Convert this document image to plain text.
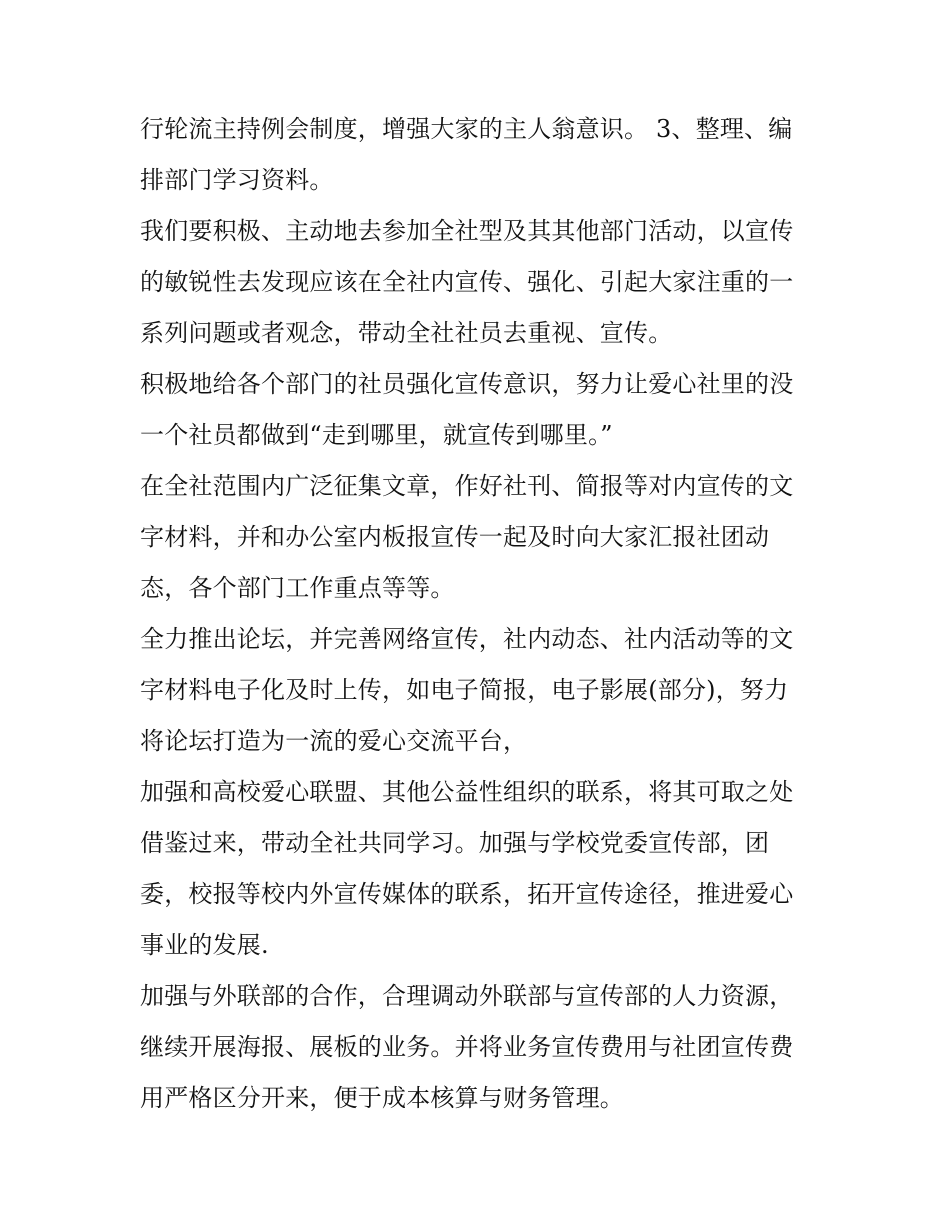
行轮流主持例会制度，增强大家的主人翁意识。 3、整理、编排部门学习资料。

我们要积极、主动地去参加全社型及其其他部门活动，以宣传的敏锐性去发现应该在全社内宣传、强化、引起大家注重的一系列问题或者观念，带动全社社员去重视、宣传。

积极地给各个部门的社员强化宣传意识，努力让爱心社里的没一个社员都做到“走到哪里，就宣传到哪里。”

在全社范围内广泛征集文章，作好社刊、简报等对内宣传的文字材料，并和办公室内板报宣传一起及时向大家汇报社团动态，各个部门工作重点等等。

全力推出论坛，并完善网络宣传，社内动态、社内活动等的文字材料电子化及时上传，如电子简报，电子影展(部分)，努力将论坛打造为一流的爱心交流平台，

加强和高校爱心联盟、其他公益性组织的联系，将其可取之处借鉴过来，带动全社共同学习。加强与学校党委宣传部，团委，校报等校内外宣传媒体的联系，拓开宣传途径，推进爱心事业的发展.

加强与外联部的合作，合理调动外联部与宣传部的人力资源，继续开展海报、展板的业务。并将业务宣传费用与社团宣传费用严格区分开来，便于成本核算与财务管理。
